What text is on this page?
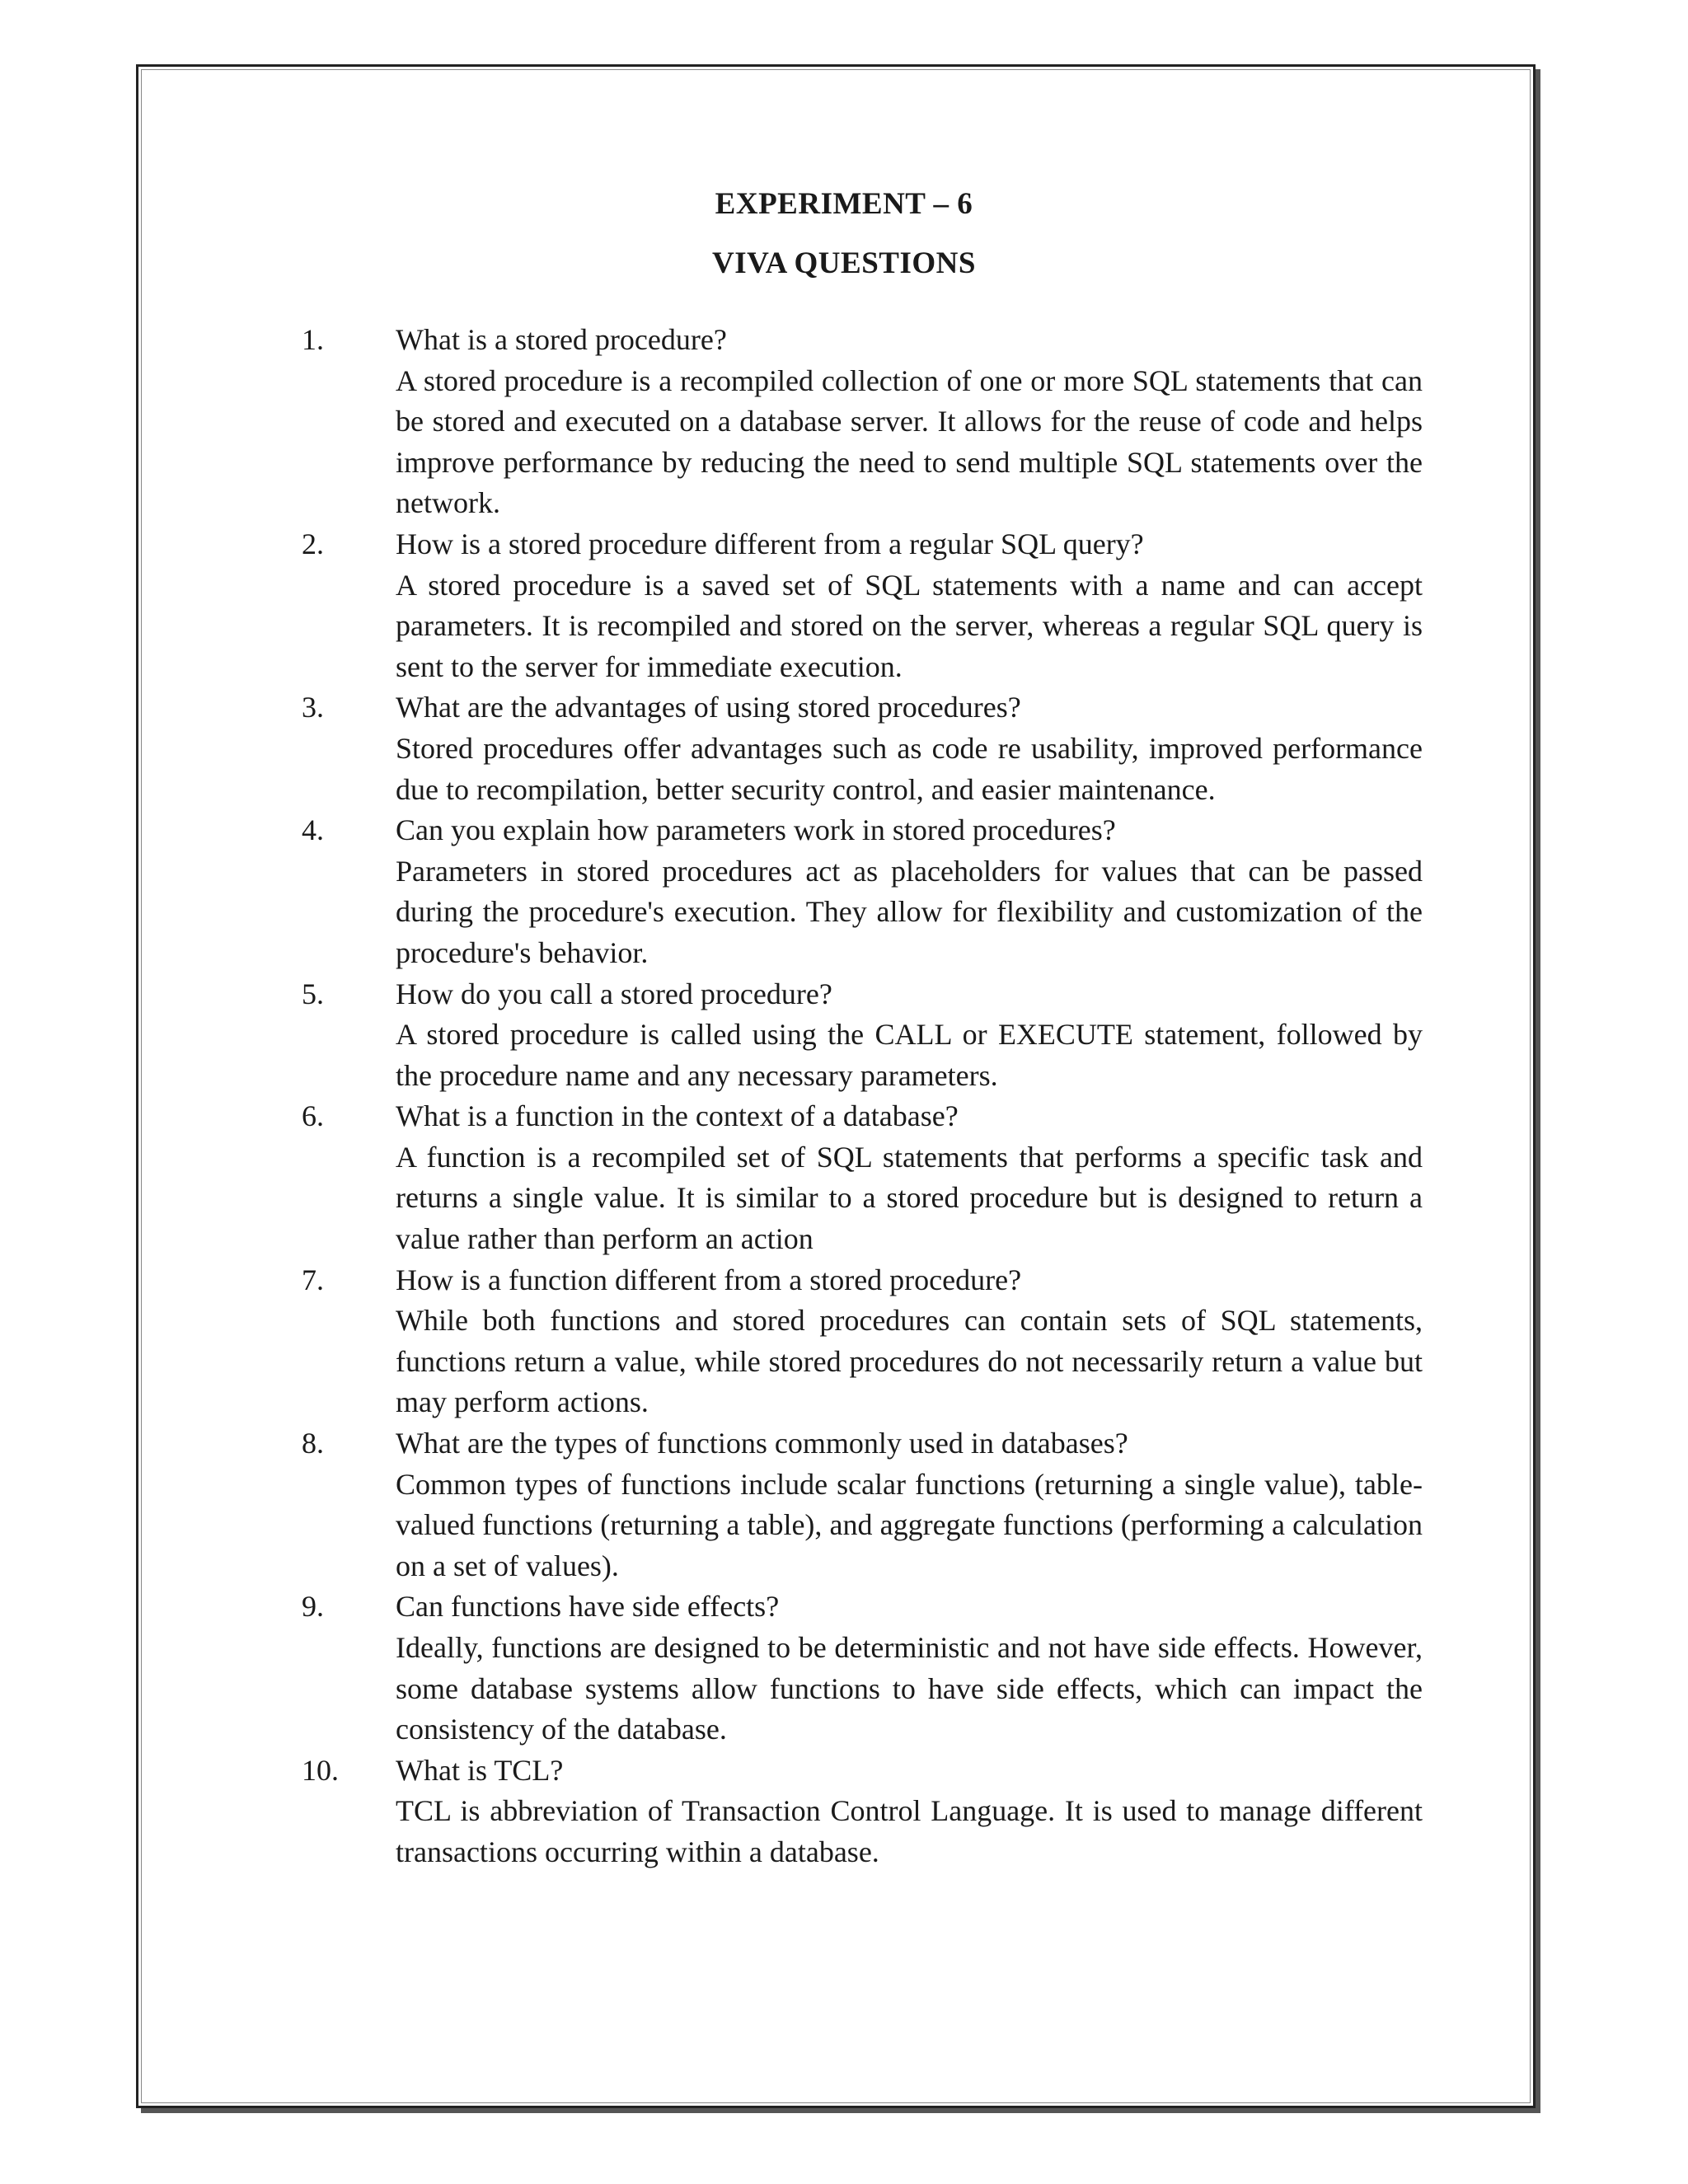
EXPERIMENT – 6
VIVA QUESTIONS
1. What is a stored procedure?
A stored procedure is a recompiled collection of one or more SQL statements that can be stored and executed on a database server. It allows for the reuse of code and helps improve performance by reducing the need to send multiple SQL statements over the network.
2. How is a stored procedure different from a regular SQL query?
A stored procedure is a saved set of SQL statements with a name and can accept parameters. It is recompiled and stored on the server, whereas a regular SQL query is sent to the server for immediate execution.
3. What are the advantages of using stored procedures?
Stored procedures offer advantages such as code re usability, improved performance due to recompilation, better security control, and easier maintenance.
4. Can you explain how parameters work in stored procedures?
Parameters in stored procedures act as placeholders for values that can be passed during the procedure's execution. They allow for flexibility and customization of the procedure's behavior.
5. How do you call a stored procedure?
A stored procedure is called using the CALL or EXECUTE statement, followed by the procedure name and any necessary parameters.
6. What is a function in the context of a database?
A function is a recompiled set of SQL statements that performs a specific task and returns a single value. It is similar to a stored procedure but is designed to return a value rather than perform an action
7. How is a function different from a stored procedure?
While both functions and stored procedures can contain sets of SQL statements, functions return a value, while stored procedures do not necessarily return a value but may perform actions.
8. What are the types of functions commonly used in databases?
Common types of functions include scalar functions (returning a single value), table-valued functions (returning a table), and aggregate functions (performing a calculation on a set of values).
9. Can functions have side effects?
Ideally, functions are designed to be deterministic and not have side effects. However, some database systems allow functions to have side effects, which can impact the consistency of the database.
10. What is TCL?
TCL is abbreviation of Transaction Control Language. It is used to manage different transactions occurring within a database.
